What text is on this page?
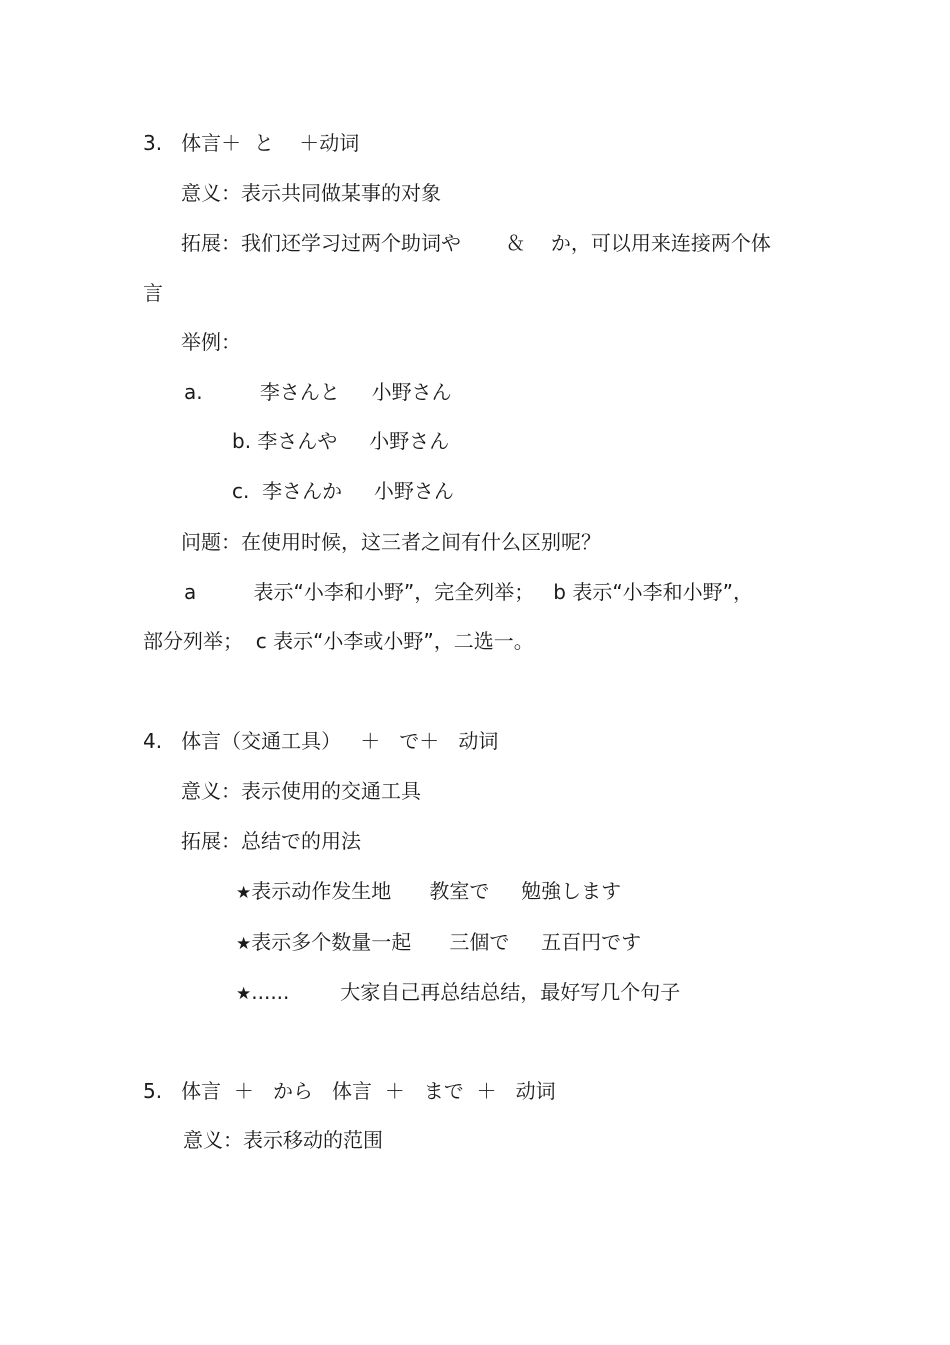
3.   体言＋  と    ＋动词
意义：表示共同做某事的对象
拓展：我们还学习过两个助词や       ＆    か，可以用来连接两个体
言
举例：
a.         李さんと     小野さん
b. 李さんや     小野さん
c.  李さんか     小野さん
问题：在使用时候，这三者之间有什么区别呢？
a         表示“小李和小野”，完全列举；   b 表示“小李和小野”，
部分列举；  c 表示“小李或小野”，二选一。
4.   体言（交通工具）   ＋   で＋   动词
意义：表示使用的交通工具
拓展：总结で的用法
★表示动作发生地      教室で     勉強します
★表示多个数量一起      三個で     五百円です
★......        大家自己再总结总结，最好写几个句子
5.   体言  ＋   から   体言  ＋   まで  ＋   动词
意义：表示移动的范围
